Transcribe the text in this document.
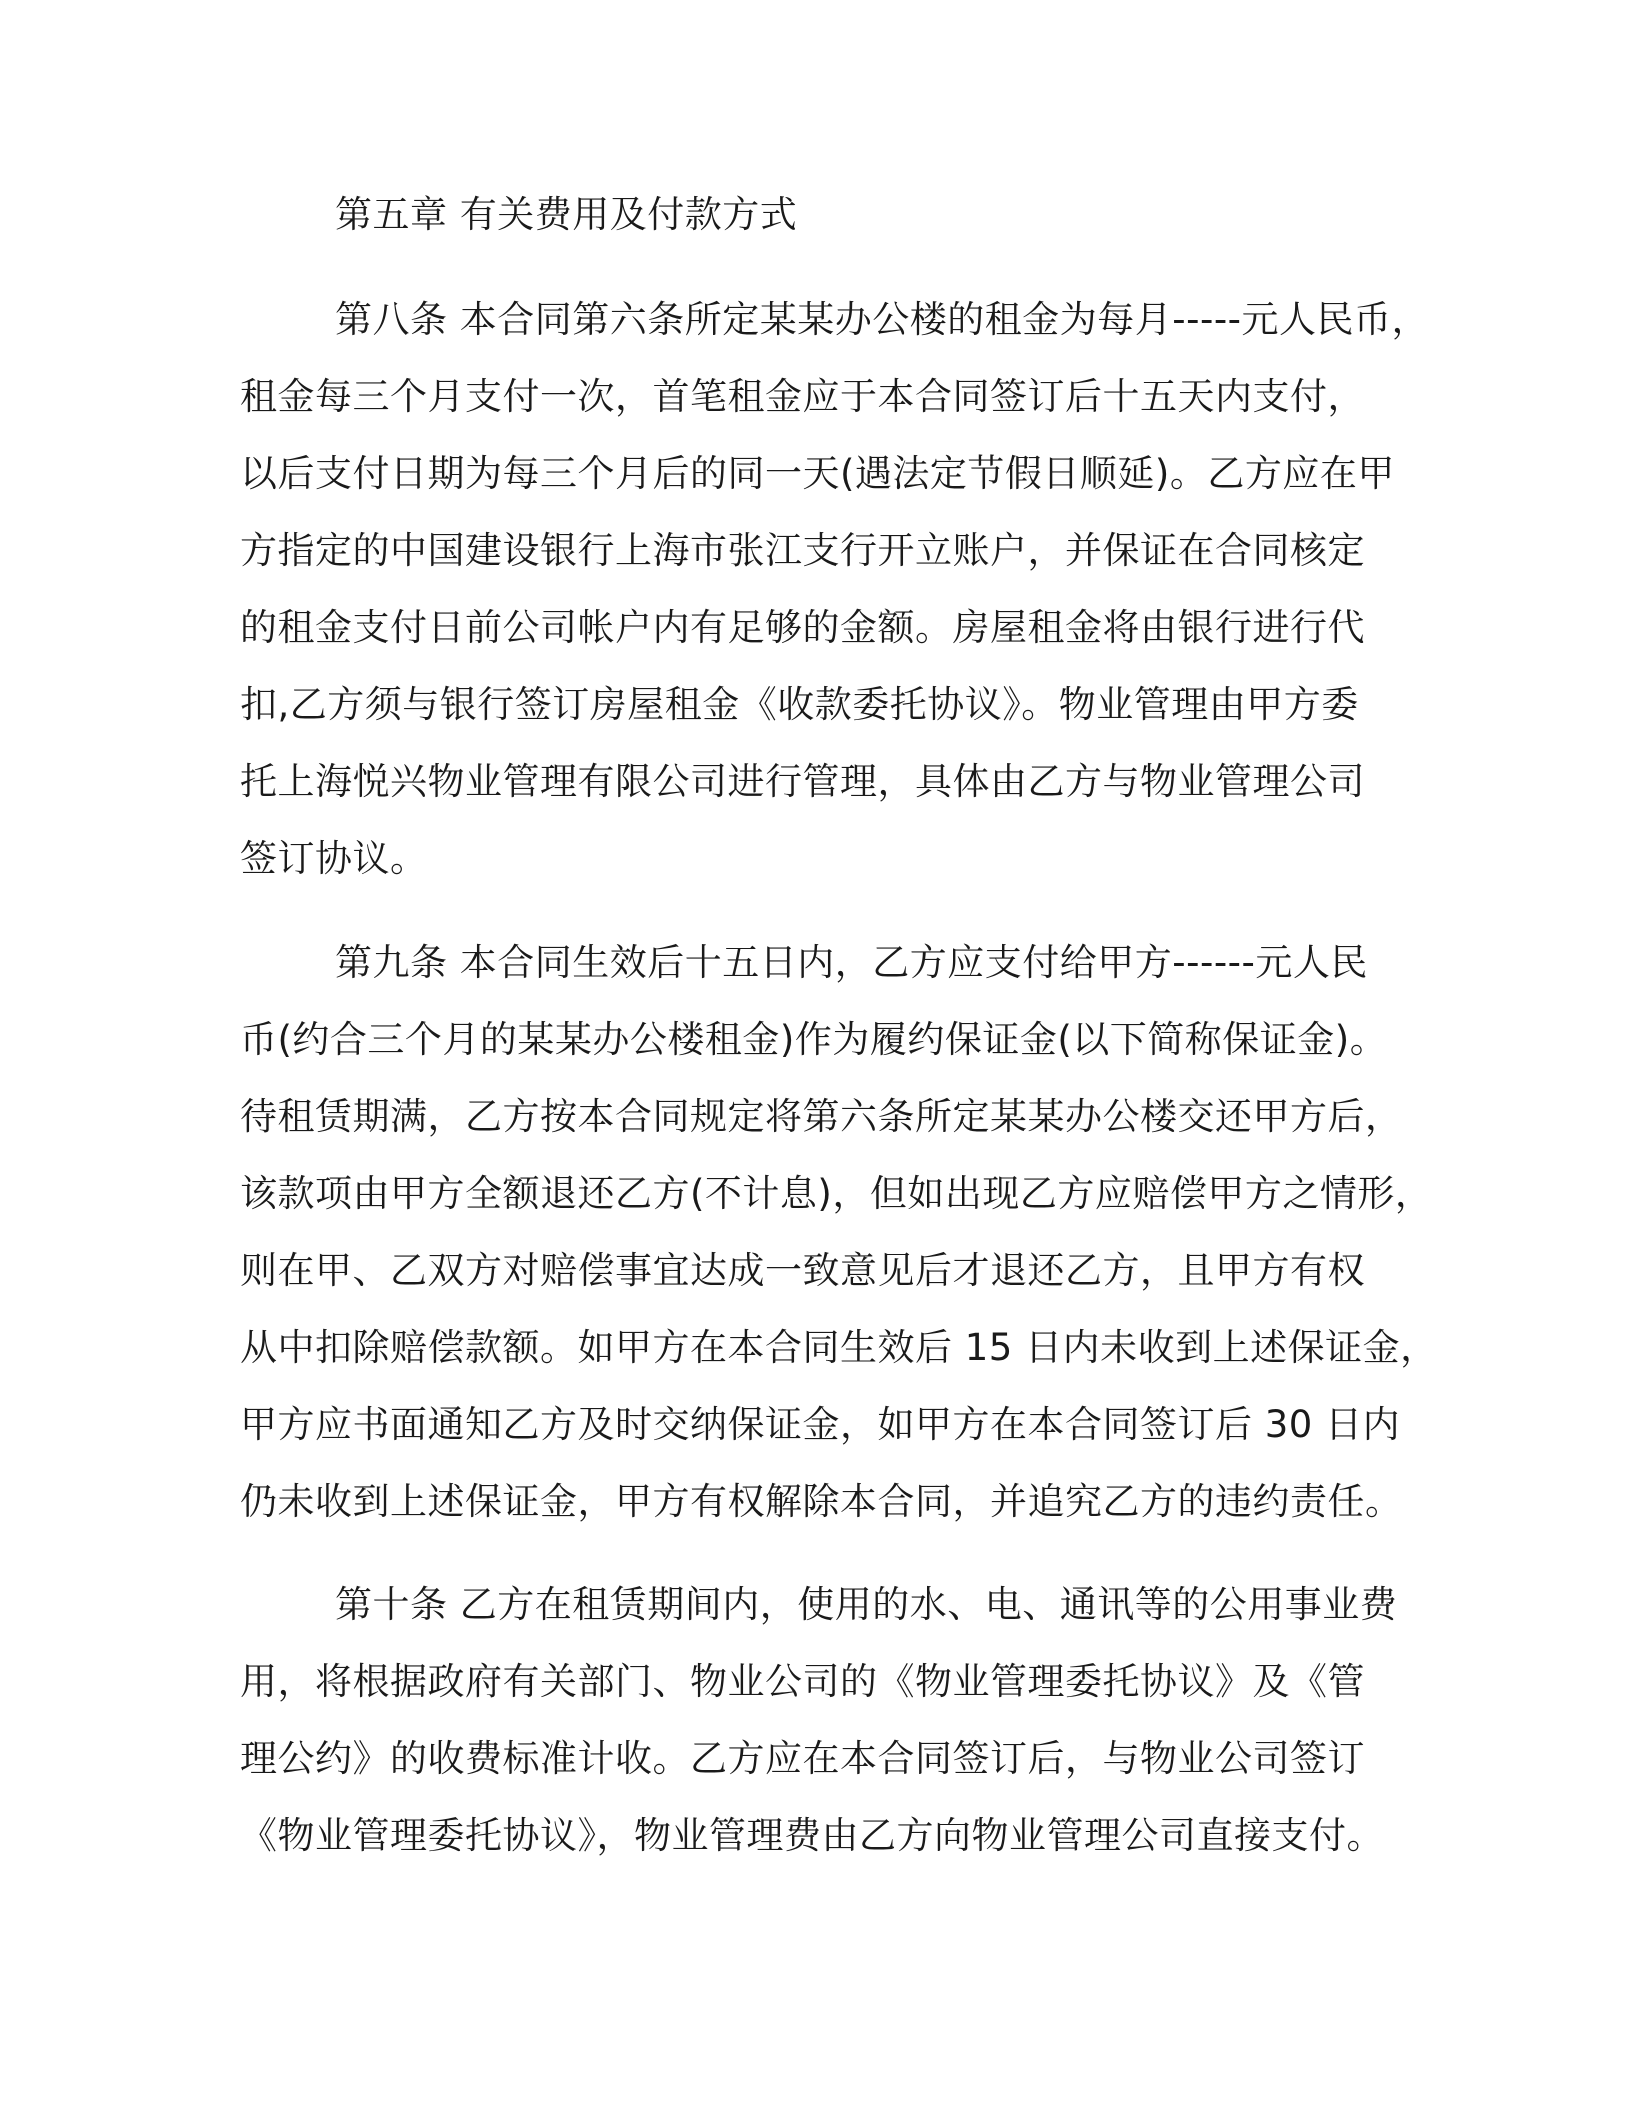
第五章 有关费用及付款方式
第八条 本合同第六条所定某某办公楼的租金为每月-----元人民币，
租金每三个月支付一次，首笔租金应于本合同签订后十五天内支付，
以后支付日期为每三个月后的同一天(遇法定节假日顺延)。乙方应在甲
方指定的中国建设银行上海市张江支行开立账户，并保证在合同核定
的租金支付日前公司帐户内有足够的金额。房屋租金将由银行进行代
扣,乙方须与银行签订房屋租金《收款委托协议》。物业管理由甲方委
托上海悦兴物业管理有限公司进行管理，具体由乙方与物业管理公司
签订协议。
第九条 本合同生效后十五日内，乙方应支付给甲方------元人民
币(约合三个月的某某办公楼租金)作为履约保证金(以下简称保证金)。
待租赁期满，乙方按本合同规定将第六条所定某某办公楼交还甲方后，
该款项由甲方全额退还乙方(不计息)，但如出现乙方应赔偿甲方之情形，
则在甲、乙双方对赔偿事宜达成一致意见后才退还乙方，且甲方有权
从中扣除赔偿款额。如甲方在本合同生效后 15 日内未收到上述保证金，
甲方应书面通知乙方及时交纳保证金，如甲方在本合同签订后 30 日内
仍未收到上述保证金，甲方有权解除本合同，并追究乙方的违约责任。
第十条 乙方在租赁期间内，使用的水、电、通讯等的公用事业费
用，将根据政府有关部门、物业公司的《物业管理委托协议》及《管
理公约》的收费标准计收。乙方应在本合同签订后，与物业公司签订
《物业管理委托协议》，物业管理费由乙方向物业管理公司直接支付。
